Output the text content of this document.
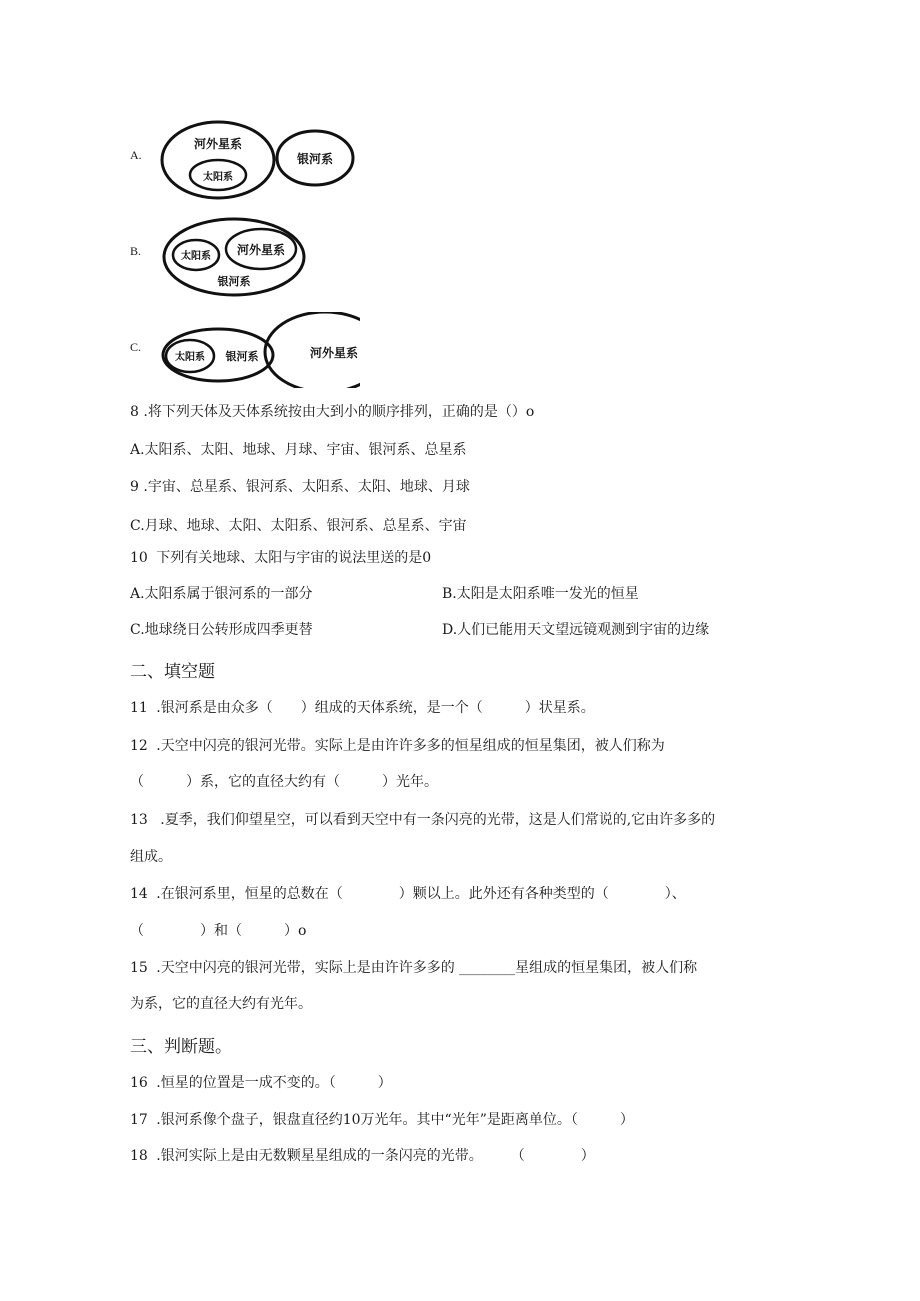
A.
河外星系
太阳系
银河系
B.	太阳系 河外星系
银河系
C.
太阳系 银河系	河外星系
8 .将下列天体及天体系统按由大到小的顺序排列，正确的是（）o
A.太阳系、太阳、地球、月球、宇宙、银河系、总星系
9 .宇宙、总星系、银河系、太阳系、太阳、地球、月球
C.月球、地球、太阳、太阳系、银河系、总星系、宇宙
10 下列有关地球、太阳与宇宙的说法里送的是0
A.太阳系属于银河系的一部分	B.太阳是太阳系唯一发光的恒星
C.地球绕日公转形成四季更替	D.人们已能用天文望远镜观测到宇宙的边缘
二、填空题
11 .银河系是由众多（　　）组成的天体系统，是一个（　　　）状星系。
12 .天空中闪亮的银河光带。实际上是由许许多多的恒星组成的恒星集团，被人们称为
（　　　）系，它的直径大约有（　　　）光年。
13 .夏季，我们仰望星空，可以看到天空中有一条闪亮的光带，这是人们常说的,它由许多多的
组成。
14 .在银河系里，恒星的总数在（　　　　）颗以上。此外还有各种类型的（　　　　）、
（　　　　）和（　　　）o
15 .天空中闪亮的银河光带，实际上是由许许多多的 ________星组成的恒星集团，被人们称
为系，它的直径大约有光年。
三、判断题。
16 .恒星的位置是一成不变的。（　　　）
17 .银河系像个盘子，银盘直径约10万光年。其中“光年”是距离单位。（　　　）
18 .银河实际上是由无数颗星星组成的一条闪亮的光带。　　　（　　　　）
